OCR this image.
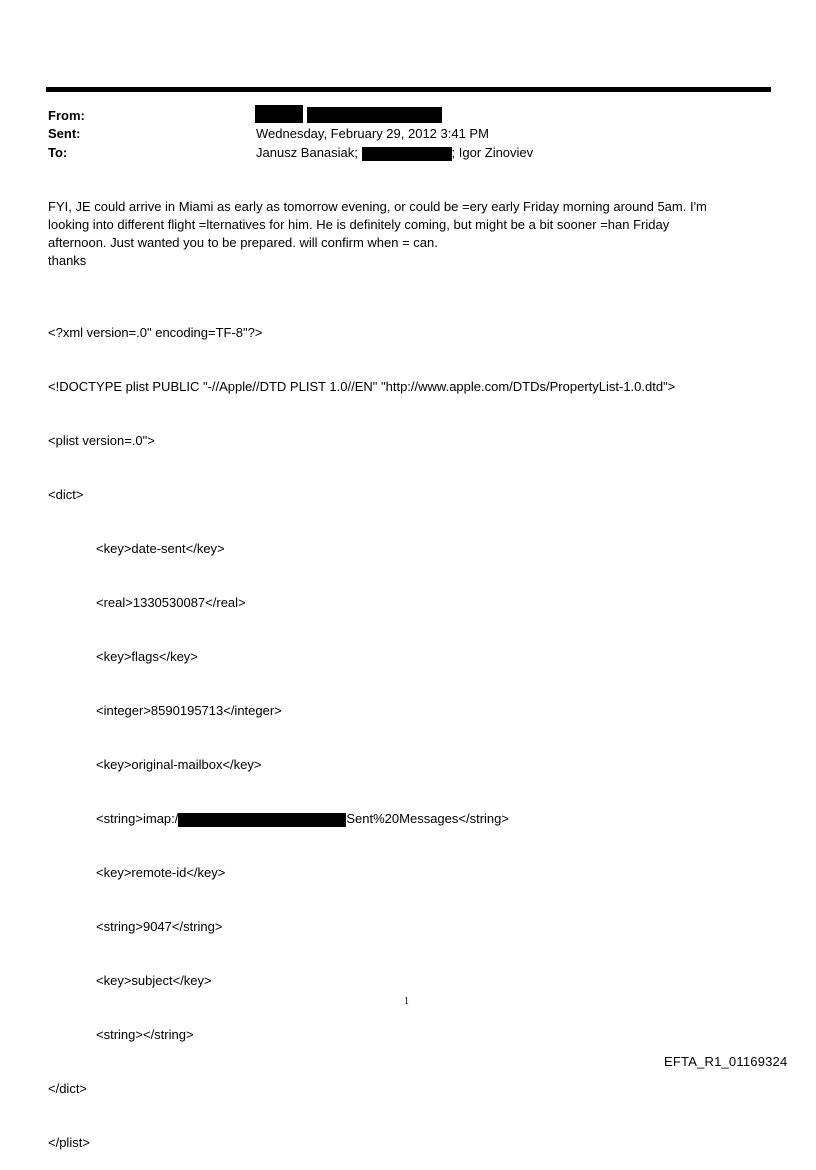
From:
Sent:
To:
Wednesday, February 29, 2012 3:41 PM
Janusz Banasiak;	; Igor Zinoviev
FYI, JE could arrive in Miami as early as tomorrow evening, or could be =ery early Friday morning around 5am. I'm
looking into different flight =lternatives for him. He is definitely coming, but might be a bit sooner =han Friday
afternoon. Just wanted you to be prepared. will confirm when = can.
thanks

<?xml version=.0" encoding=TF-8"?>

<!DOCTYPE plist PUBLIC "-//Apple//DTD PLIST 1.0//EN" "http://www.apple.com/DTDs/PropertyList-1.0.dtd">

<plist version=.0">

<dict>

<key>date-sent</key>

<real>1330530087</real>

<key>flags</key>

<integer>8590195713</integer>

<key>original-mailbox</key>

<string>imap:/	Sent%20Messages</string>

<key>remote-id</key>

<string>9047</string>

<key>subject</key>

<string></string>

</dict>

</plist>

1
EFTA_R1_01169324
